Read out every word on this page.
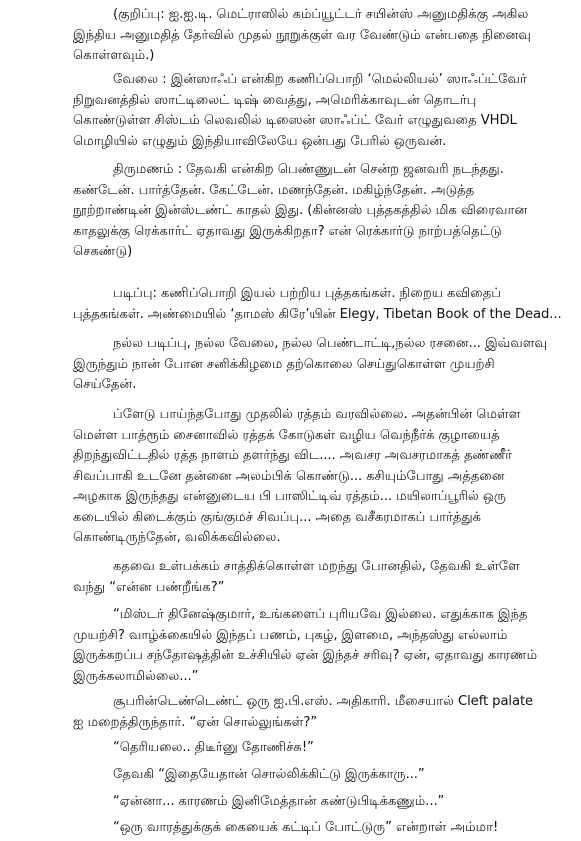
(குறிப்பு: ஐ.ஐ.டி. மெட்ராஸில் கம்ப்யூட்டர் சயின்ஸ் அனுமதிக்கு அகில
இந்திய அனுமதித் தேர்வில் முதல் நூறுக்குள் வர வேண்டும் என்பதை நினைவு
கொள்ளவும்.)
வேலை : இன்ஸாஃப் என்கிற கணிப்பொறி ‘மெல்லியல்’ ஸாஃப்ட்வேர்
நிறுவனத்தில் ஸாட்டிலைட் டிஷ் வைத்து, அமெரிக்காவுடன் தொடர்பு
கொண்டுள்ள சிஸ்டம் லெவலில் டிஸைன் ஸாஃப்ட் வேர் எழுதுவதை VHDL
மொழியில் எழுதும் இந்தியாவிலேயே ஒன்பது பேரில் ஒருவன்.
திருமணம் : தேவகி என்கிற பெண்ணுடன் சென்ற ஜனவரி நடந்தது.
கண்டேன். பார்த்தேன். கேட்டேன். மணந்தேன். மகிழ்ந்தேன். அடுத்த
நூற்றாண்டின் இன்ஸ்டண்ட் காதல் இது. (கின்னஸ் புத்தகத்தில் மிக விரைவான
காதலுக்கு ரெக்கார்ட் ஏதாவது இருக்கிறதா? என் ரெக்கார்டு நாற்பத்தெட்டு
செகண்டு)
படிப்பு: கணிப்பொறி இயல் பற்றிய புத்தகங்கள். நிறைய கவிதைப்
புத்தகங்கள். அண்மையில் ‘தாமஸ் கிரே’யின் Elegy, Tibetan Book of the Dead...
நல்ல படிப்பு, நல்ல வேலை, நல்ல பெண்டாட்டி,நல்ல ரசனை... இவ்வளவு
இருந்தும் நான் போன சனிக்கிழமை தற்கொலை செய்துகொள்ள முயற்சி
செய்தேன்.
ப்ளேடு பாய்ந்தபோது முதலில் ரத்தம் வரவில்லை. அதன்பின் மெள்ள
மெள்ள பாத்ரூம் சைனாவில் ரத்தக் கோடுகள் வழிய வெந்நீர்க் குழாயைத்
திறந்துவிட்டதில் ரத்த நாளம் தளர்ந்து விட.... அவசர அவசரமாகத் தண்ணீர்
சிவப்பாகி உடனே தன்னை அலம்பிக் கொண்டு... கசியும்போது அத்தனை
அழகாக இருந்தது என்னுடைய பி பாஸிட்டிவ் ரத்தம்... மயிலாப்பூரில் ஒரு
கடையில் கிடைக்கும் குங்குமச் சிவப்பு... அதை வசீகரமாகப் பார்த்துக்
கொண்டிருந்தேன், வலிக்கவில்லை.
கதவை உள்பக்கம் சாத்திக்கொள்ள மறந்து போனதில், தேவகி உள்ளே
வந்து “என்ன பண்றீங்க?”
“மிஸ்டர் தினேஷ்குமார், உங்களைப் புரியவே இல்லை. எதுக்காக இந்த
முயற்சி? வாழ்க்கையில் இந்தப் பணம், புகழ், இளமை, அந்தஸ்து எல்லாம்
இருக்கறப்ப சந்தோஷத்தின் உச்சியில் ஏன் இந்தச் சரிவு? ஏன், ஏதாவது காரணம்
இருக்கலாமில்லை...”
சூபரின்டெண்டெண்ட் ஒரு ஐ.பி.எஸ். அதிகாரி. மீசையால் Cleft palate
ஐ மறைத்திருந்தார். “ஏன் சொல்லுங்கள்?”
“தெரியலை.. திடீர்னு தோணிச்சு!”
தேவகி “இதையேதான் சொல்லிக்கிட்டு இருக்காரு...”
“ஏன்னா... காரணம் இனிமேத்தான் கண்டுபிடிக்கணும்...”
“ஒரு வாரத்துக்குக் கையைக் கட்டிப் போட்டுரு” என்றாள் அம்மா!
